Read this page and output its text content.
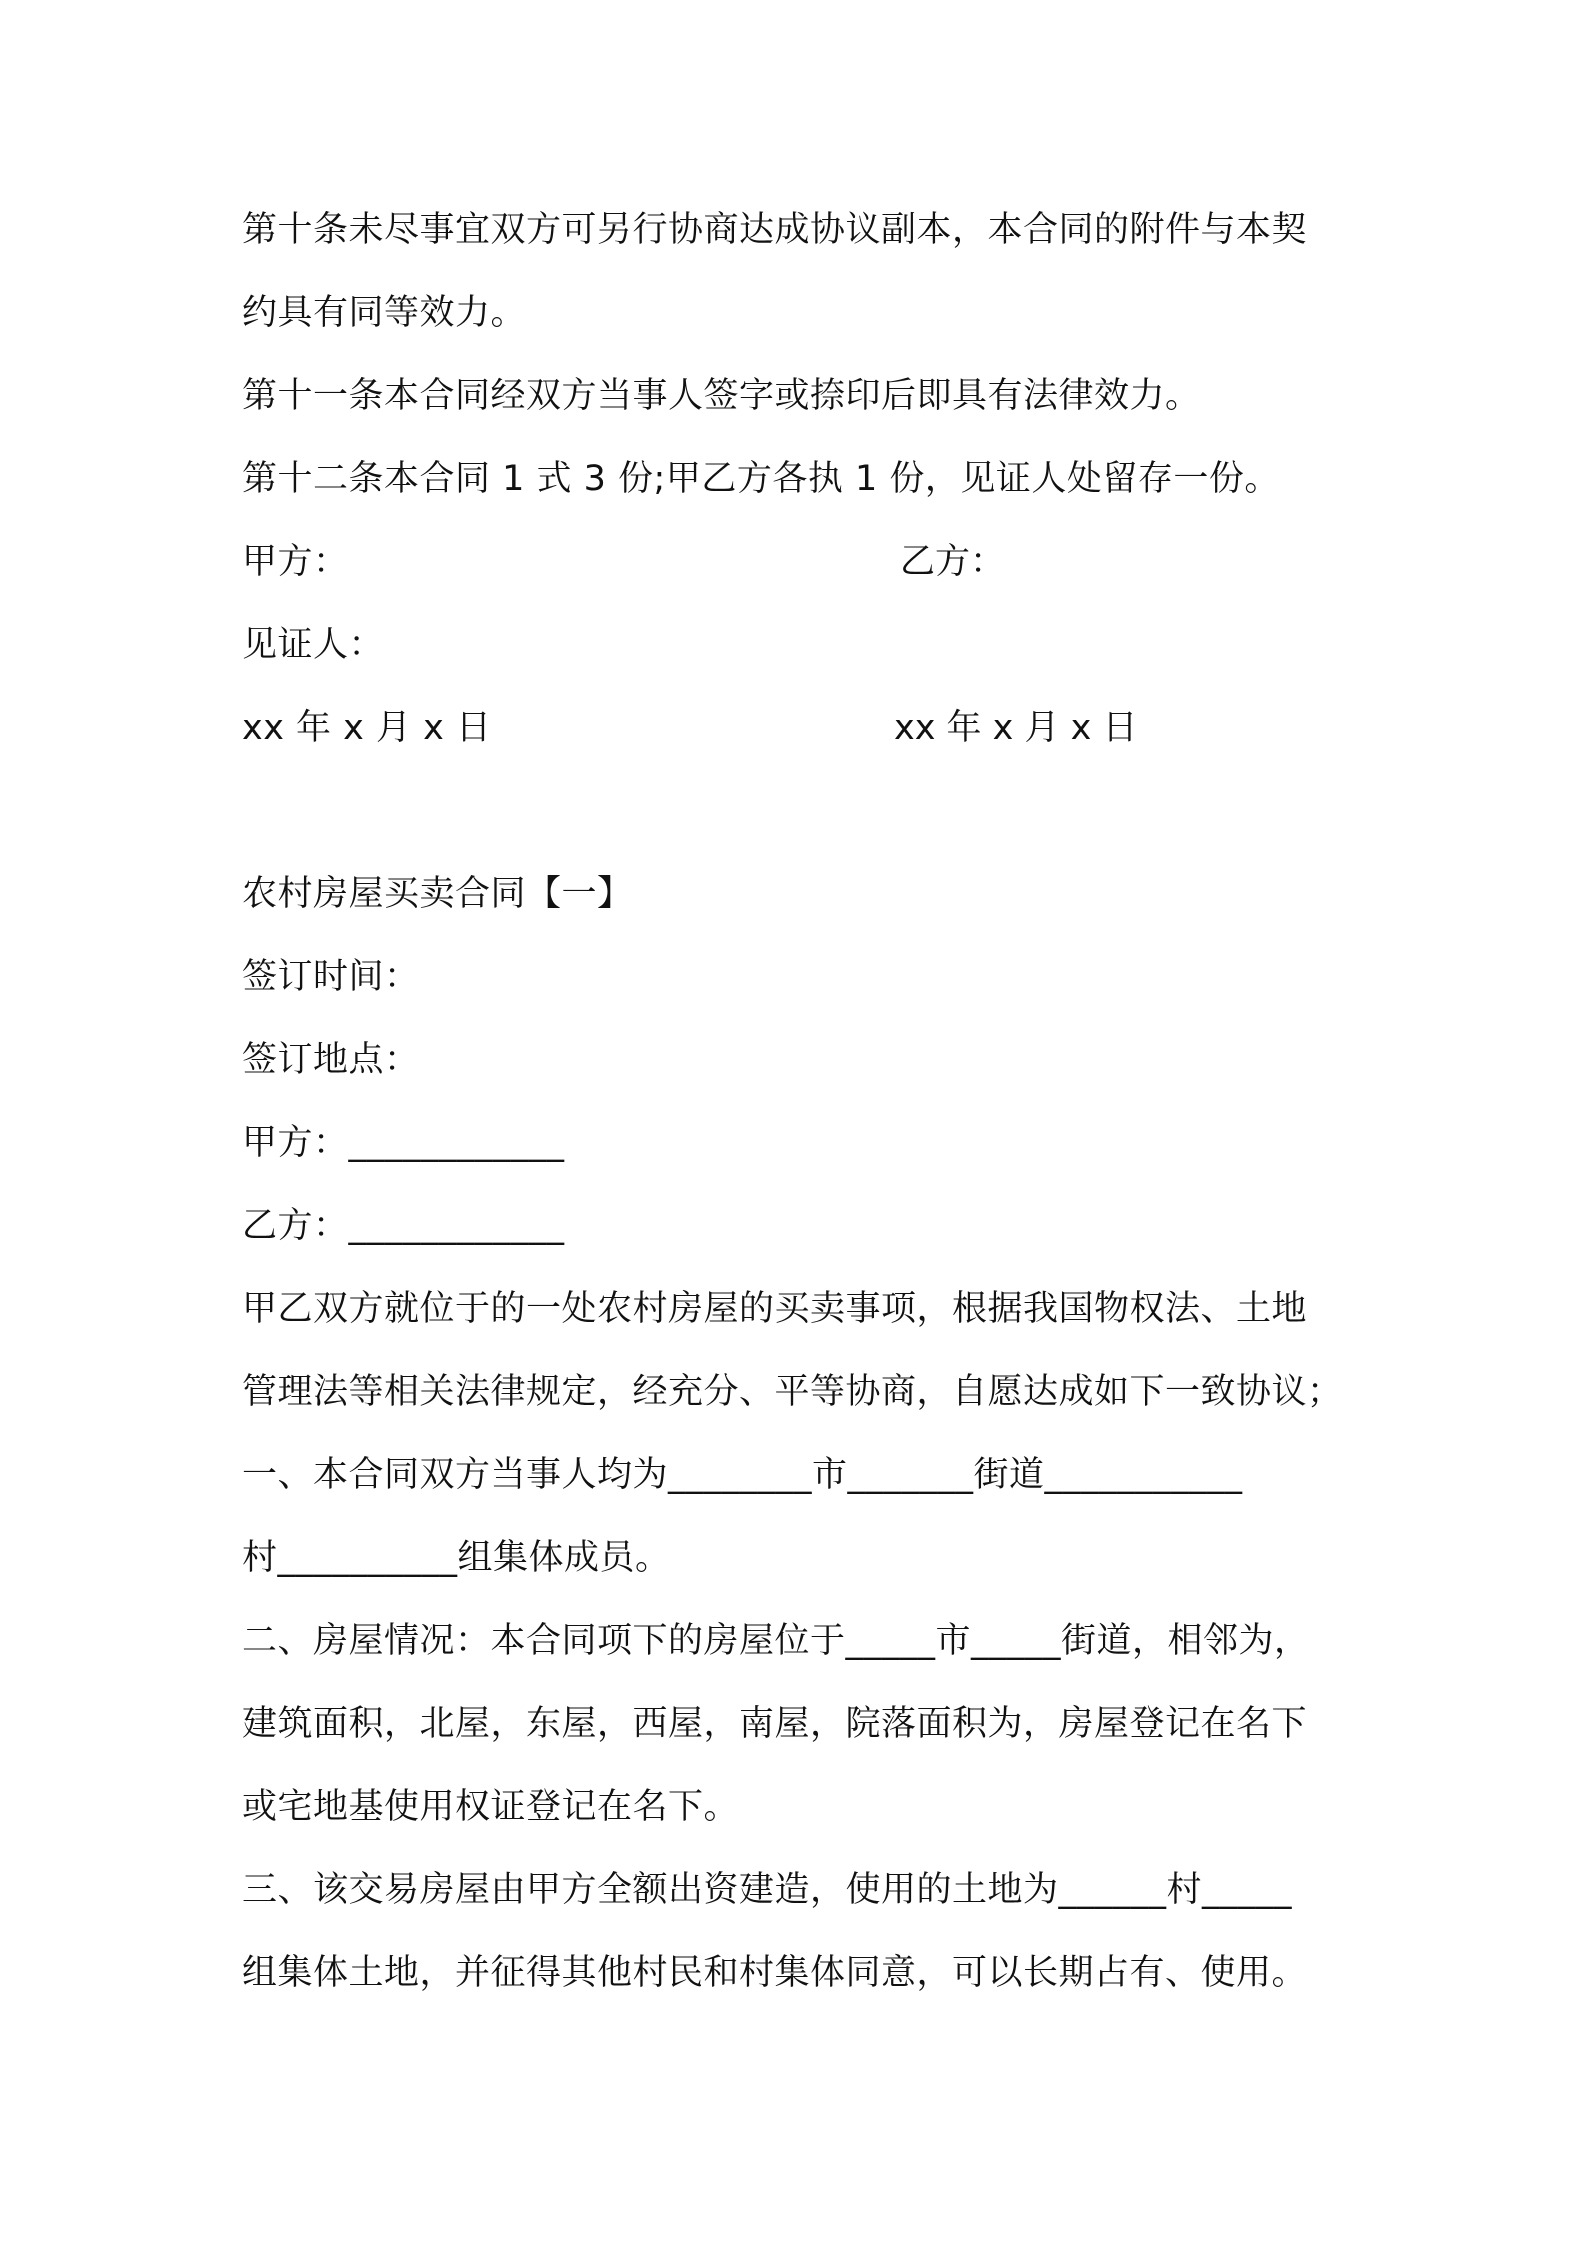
第十条未尽事宜双方可另行协商达成协议副本，本合同的附件与本契
约具有同等效力。
第十一条本合同经双方当事人签字或捺印后即具有法律效力。
第十二条本合同 1 式 3 份;甲乙方各执 1 份，见证人处留存一份。
甲方：	乙方：
见证人：
xx 年 x 月 x 日	xx 年 x 月 x 日
农村房屋买卖合同【一】
签订时间：
签订地点：
甲方：____________
乙方：____________
甲乙双方就位于的一处农村房屋的买卖事项，根据我国物权法、土地
管理法等相关法律规定，经充分、平等协商，自愿达成如下一致协议；
一、本合同双方当事人均为________市_______街道___________
村__________组集体成员。
二、房屋情况：本合同项下的房屋位于_____市_____街道，相邻为，
建筑面积，北屋，东屋，西屋，南屋，院落面积为，房屋登记在名下
或宅地基使用权证登记在名下。
三、该交易房屋由甲方全额出资建造，使用的土地为______村_____
组集体土地，并征得其他村民和村集体同意，可以长期占有、使用。
